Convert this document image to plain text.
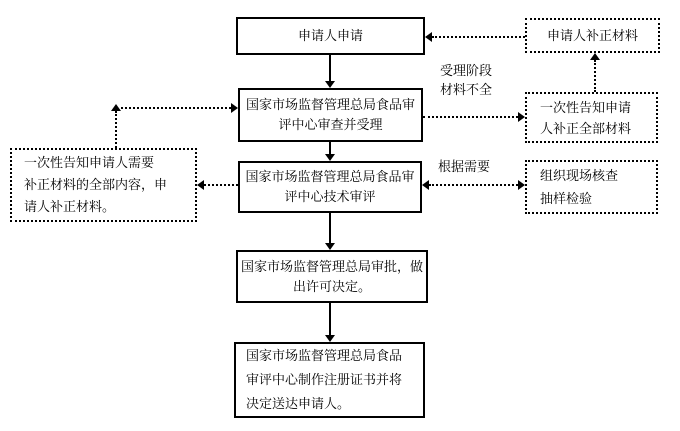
申请人申请
国家市场监督管理总局食品审
评中心审查并受理
国家市场监督管理总局食品审
评中心技术审评
国家市场监督管理总局审批，做
出许可决定。
国家市场监督管理总局食品
审评中心制作注册证书并将
决定送达申请人。
申请人补正材料
一次性告知申请
人补正全部材料
组织现场核查
抽样检验
一次性告知申请人需要
补正材料的全部内容，申
请人补正材料。
受理阶段
材料不全
根据需要
